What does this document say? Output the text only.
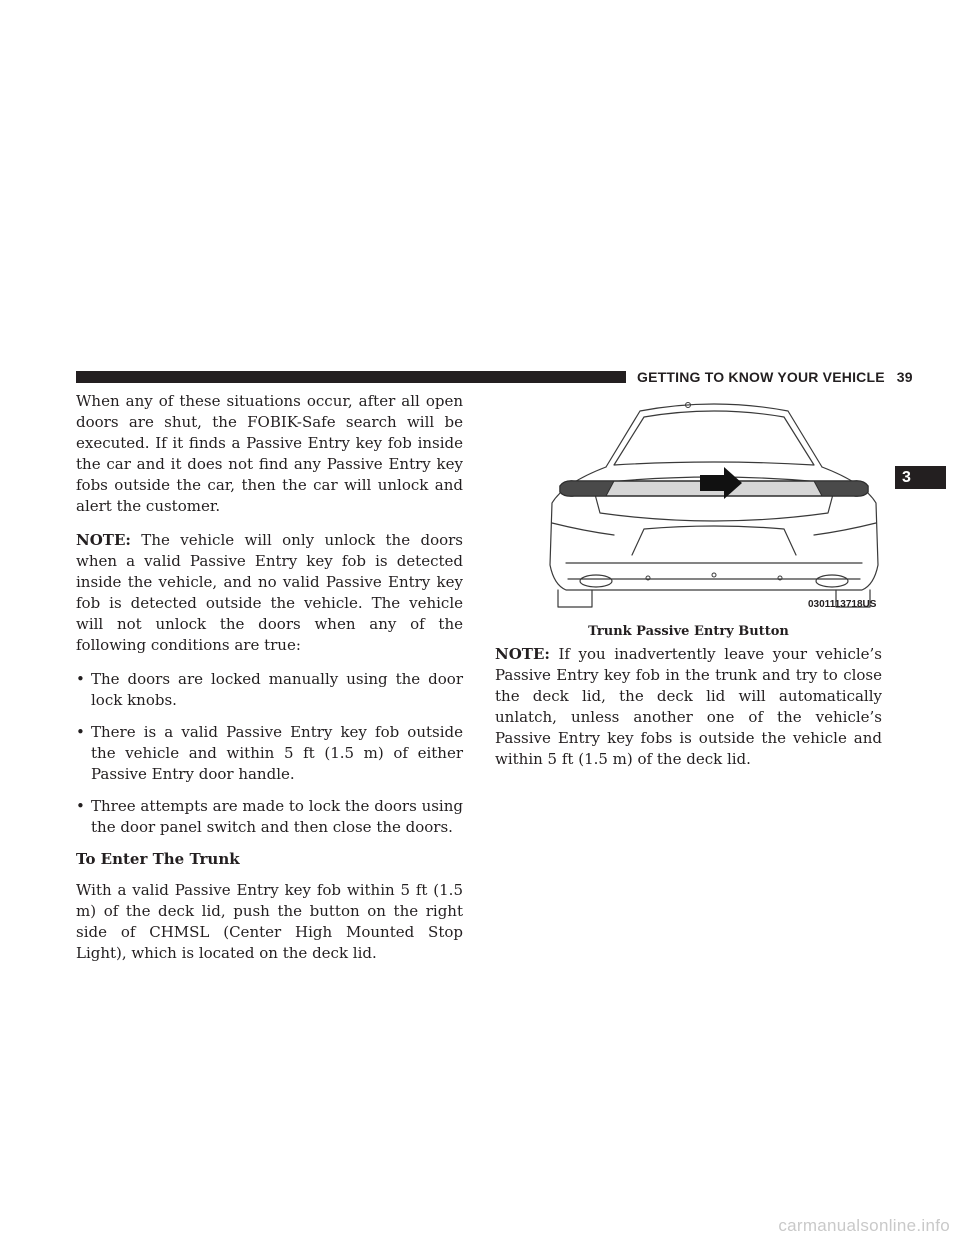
GETTING TO KNOW YOUR VEHICLE 39
3

When any of these situations occur, after all open doors are shut, the FOBIK-Safe search will be executed. If it finds a Passive Entry key fob inside the car and it does not find any Passive Entry key fobs outside the car, then the car will unlock and alert the customer.

NOTE: The vehicle will only unlock the doors when a valid Passive Entry key fob is detected inside the vehicle, and no valid Passive Entry key fob is detected outside the vehicle. The vehicle will not unlock the doors when any of the following conditions are true:

• The doors are locked manually using the door lock knobs.
• There is a valid Passive Entry key fob outside the vehicle and within 5 ft (1.5 m) of either Passive Entry door handle.
• Three attempts are made to lock the doors using the door panel switch and then close the doors.
To Enter The Trunk

With a valid Passive Entry key fob within 5 ft (1.5 m) of the deck lid, push the button on the right side of CHMSL (Center High Mounted Stop Light), which is located on the deck lid.

0301113718US
Trunk Passive Entry Button

NOTE: If you inadvertently leave your vehicle’s Passive Entry key fob in the trunk and try to close the deck lid, the deck lid will automatically unlatch, unless another one of the vehicle’s Passive Entry key fobs is outside the vehicle and within 5 ft (1.5 m) of the deck lid.

carmanualsonline.info
